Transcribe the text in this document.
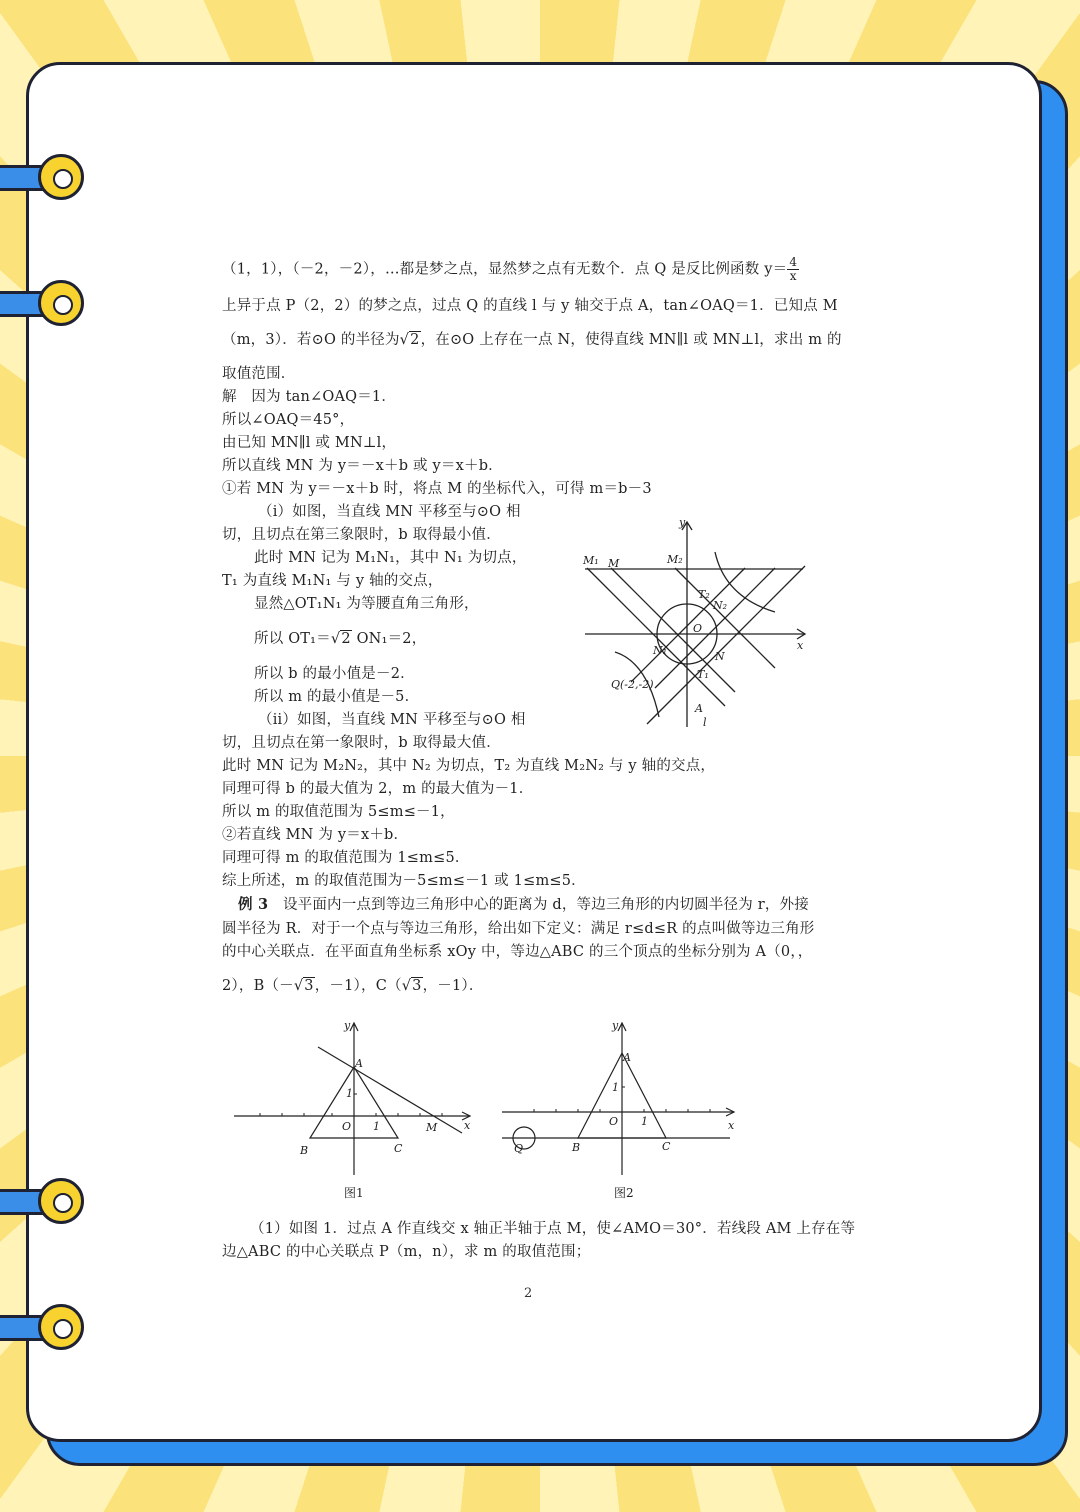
（1，1），（－2，－2），…都是梦之点，显然梦之点有无数个．点 Q 是反比例函数 $y= \frac{4}{x}$
上异于点 P（2，2）的梦之点，过点 Q 的直线 l 与 y 轴交于点 A，tan∠OAQ＝1．已知点 M
（m，3）．若⊙O 的半径为√2，在⊙O 上存在一点 N，使得直线 MN∥l 或 MN⊥l，求出 m 的
取值范围．
解　因为 tan∠OAQ＝1．
所以∠OAQ＝45°，
由已知 MN∥l 或 MN⊥l，
所以直线 MN 为 y＝－x＋b 或 y＝x＋b．
①若 MN 为 y＝－x＋b 时，将点 M 的坐标代入，可得 m＝b－3
（i）如图，当直线 MN 平移至与⊙O 相
切，且切点在第三象限时，b 取得最小值．
此时 MN 记为 M₁N₁，其中 N₁ 为切点，
T₁ 为直线 M₁N₁ 与 y 轴的交点，
显然△OT₁N₁ 为等腰直角三角形，
所以 OT₁＝√2 ON₁＝2，
所以 b 的最小值是－2．
所以 m 的最小值是－5．
（ii）如图，当直线 MN 平移至与⊙O 相
切，且切点在第一象限时，b 取得最大值．
此时 MN 记为 M₂N₂，其中 N₂ 为切点，T₂ 为直线 M₂N₂ 与 y 轴的交点，
同理可得 b 的最大值为 2，m 的最大值为－1．
所以 m 的取值范围为 5≤m≤－1，
②若直线 MN 为 y＝x＋b．
同理可得 m 的取值范围为 1≤m≤5．
综上所述，m 的取值范围为－5≤m≤－1 或 1≤m≤5．
例 3　 设平面内一点到等边三角形中心的距离为 d，等边三角形的内切圆半径为 r，外接
圆半径为 R．对于一个点与等边三角形，给出如下定义：满足 r≤d≤R 的点叫做等边三角形
的中心关联点．在平面直角坐标系 xOy 中，等边△ABC 的三个顶点的坐标分别为 A（0，，
2），B（－√3，－1），C（√3，－1）．
（1）如图 1．过点 A 作直线交 x 轴正半轴于点 M，使∠AMO＝30°．若线段 AM 上存在等
边△ABC 的中心关联点 P（m，n），求 m 的取值范围；
y
x
O
M₁ M	M₂
T₂
N₂
N₁	N
T₁
Q(-2,-2)
A
l
y
x
A
1
1
O
B	C
M
图1
y
x
A
1
1
O
B	C
Q
图2
2
